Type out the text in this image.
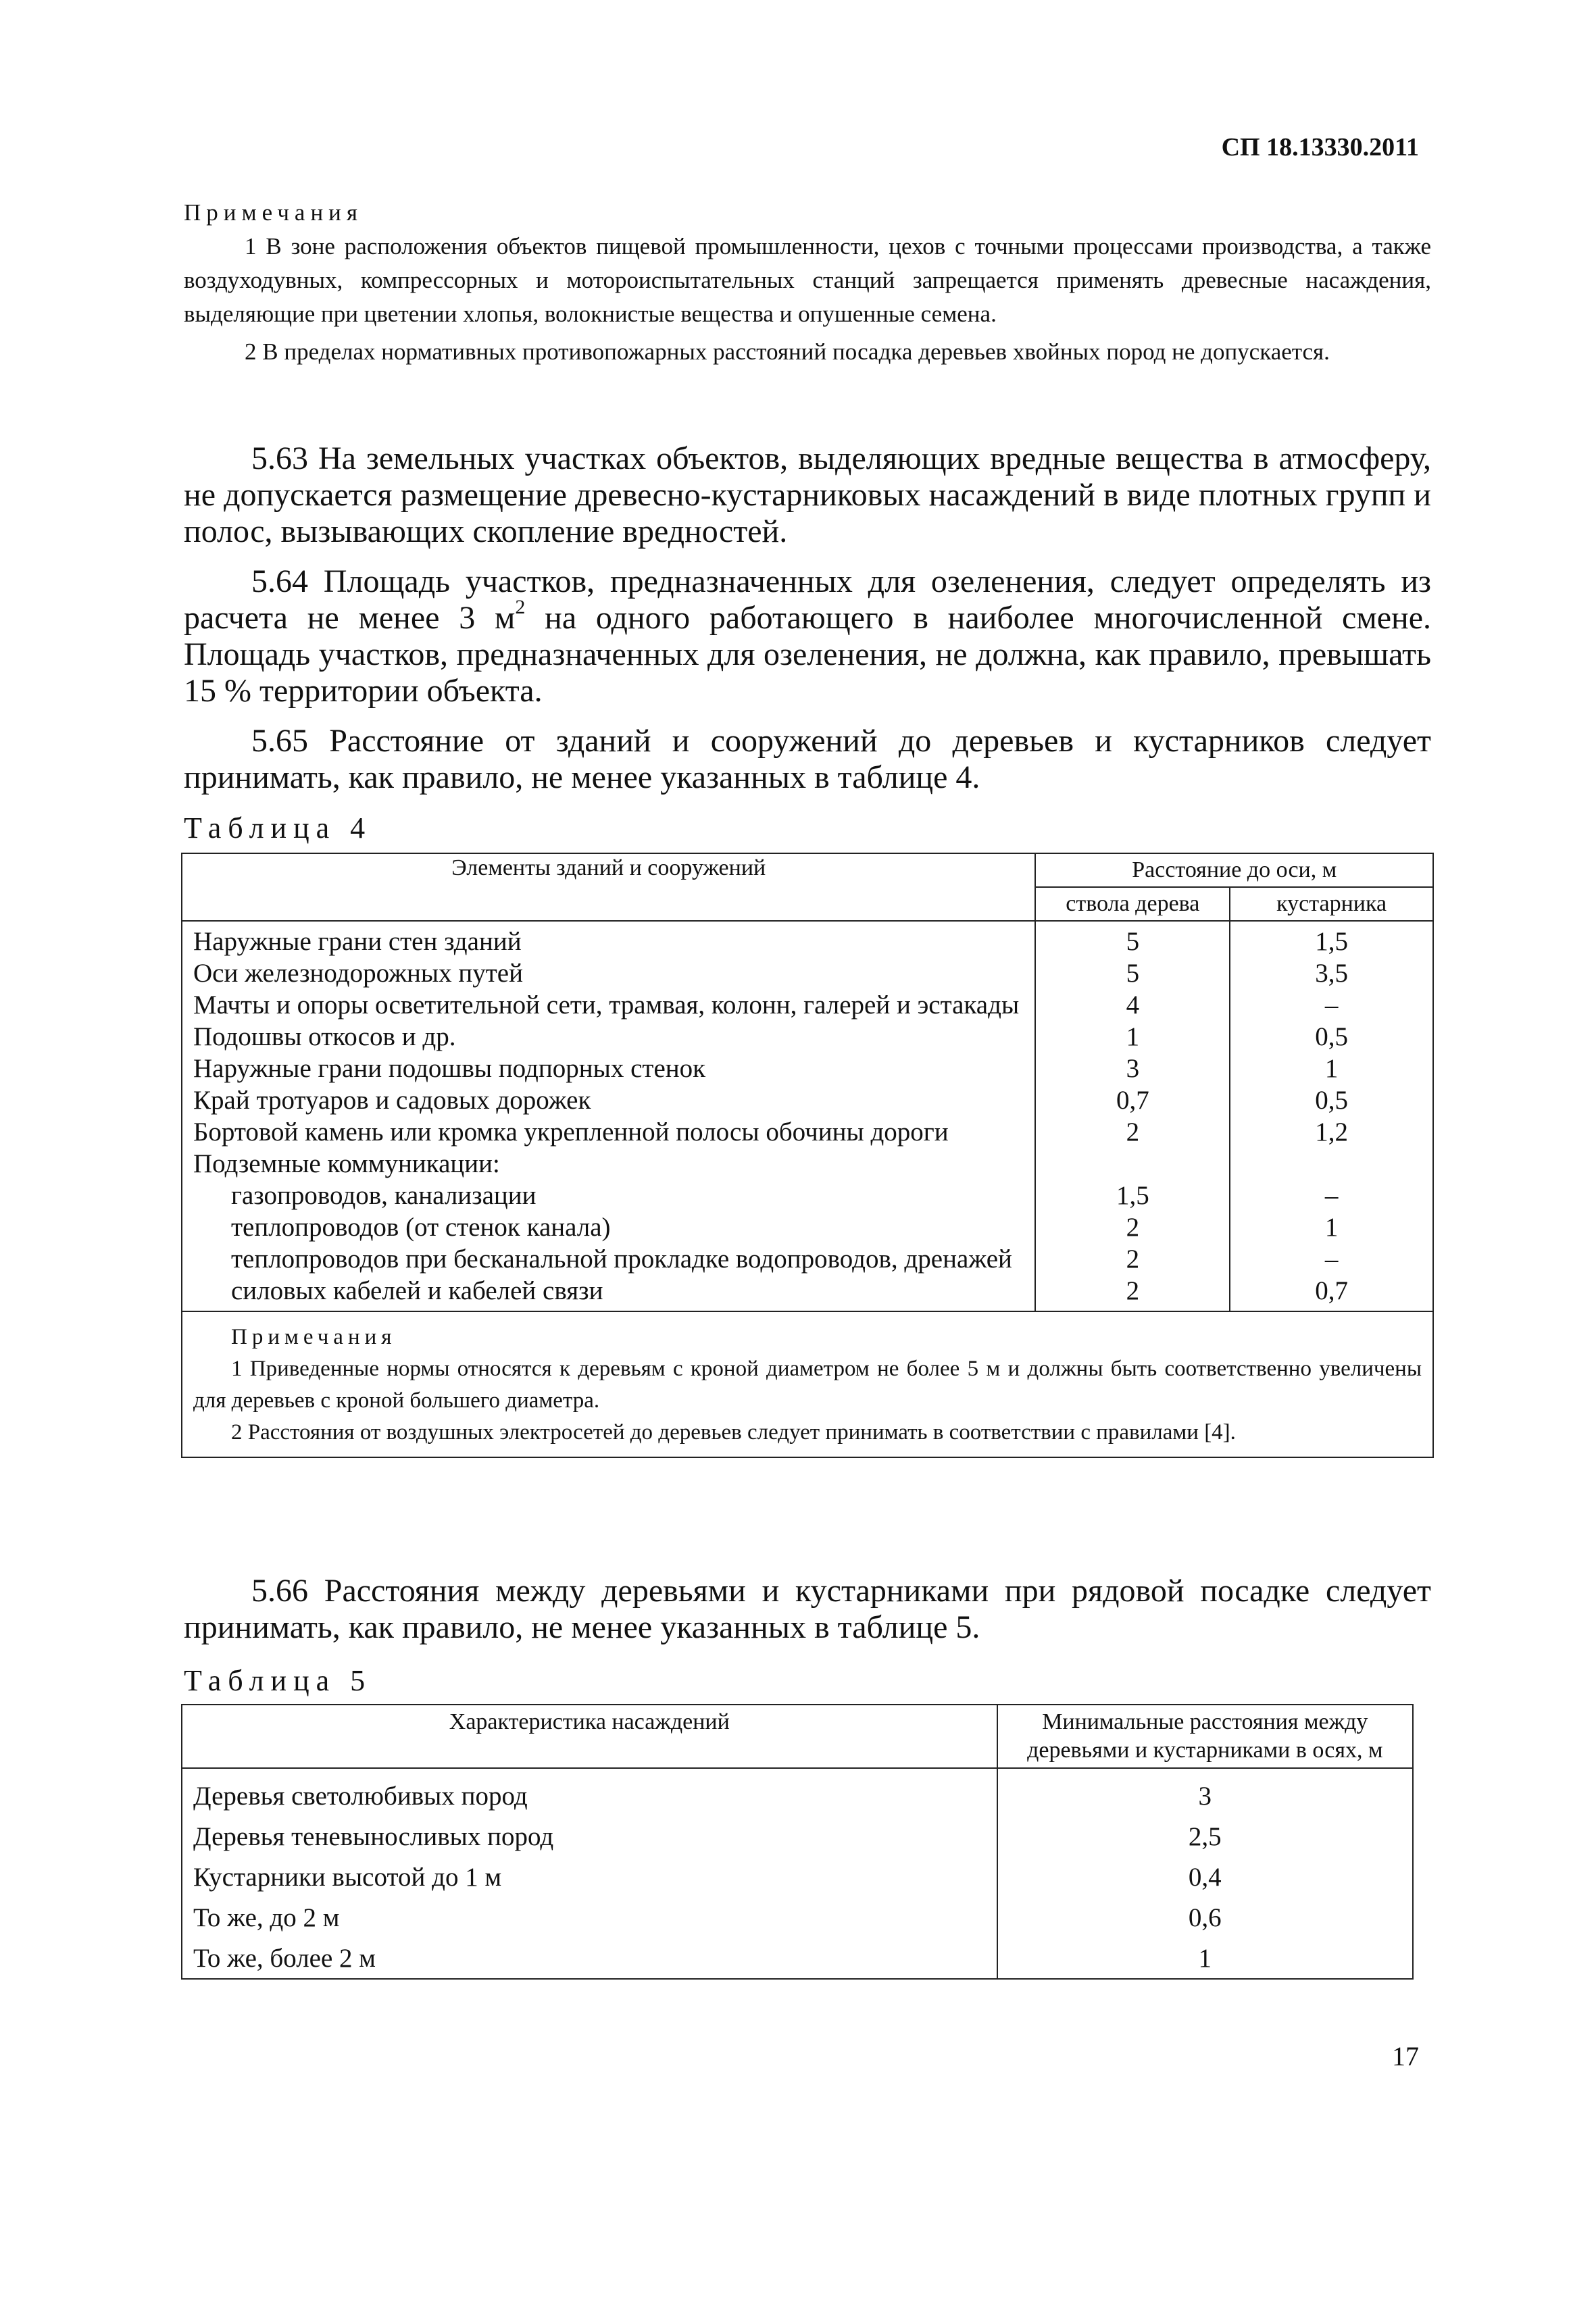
СП 18.13330.2011
Примечания

1 В зоне расположения объектов пищевой промышленности, цехов с точными процессами производства, а также воздуходувных, компрессорных и мотороиспытательных станций запрещается применять древесные насаждения, выделяющие при цветении хлопья, волокнистые вещества и опушенные семена.

2 В пределах нормативных противопожарных расстояний посадка деревьев хвойных пород не допускается.

5.63 На земельных участках объектов, выделяющих вредные вещества в атмосферу, не допускается размещение древесно-кустарниковых насаждений в виде плотных групп и полос, вызывающих скопление вредностей.

5.64 Площадь участков, предназначенных для озеленения, следует определять из расчета не менее 3 $м^2$ на одного работающего в наиболее многочисленной смене. Площадь участков, предназначенных для озеленения, не должна, как правило, превышать 15 % территории объекта.

5.65 Расстояние от зданий и сооружений до деревьев и кустарников следует принимать, как правило, не менее указанных в таблице 4.

Таблица 4
Элементы зданий и сооружений	Расстояние до оси, м	
	ствола дерева	кустарника
Наружные грани стен зданий	5	1,5
Оси железнодорожных путей	5	3,5
Мачты и опоры осветительной сети, трамвая, колонн, галерей и эстакады	4	–
Подошвы откосов и др.	1	0,5
Наружные грани подошвы подпорных стенок	3	1
Край тротуаров и садовых дорожек	0,7	0,5
Бортовой камень или кромка укрепленной полосы обочины дороги	2	1,2
Подземные коммуникации:		
газопроводов, канализации	1,5	–
теплопроводов (от стенок канала)	2	1
теплопроводов при бесканальной прокладке водопроводов, дренажей	2	–
силовых кабелей и кабелей связи	2	0,7

Примечания
1 Приведенные нормы относятся к деревьям с кроной диаметром не более 5 м и должны быть соответственно увеличены для деревьев с кроной большего диаметра.
2 Расстояния от воздушных электросетей до деревьев следует принимать в соответствии с правилами [4].		

5.66 Расстояния между деревьями и кустарниками при рядовой посадке следует принимать, как правило, не менее указанных в таблице 5.

Таблица 5
Характеристика насаждений	Минимальные расстояния между деревьями и кустарниками в осях, м
Деревья светолюбивых пород	3
Деревья теневыносливых пород	2,5
Кустарники высотой до 1 м	0,4
То же, до 2 м	0,6
То же, более 2 м	1
17
